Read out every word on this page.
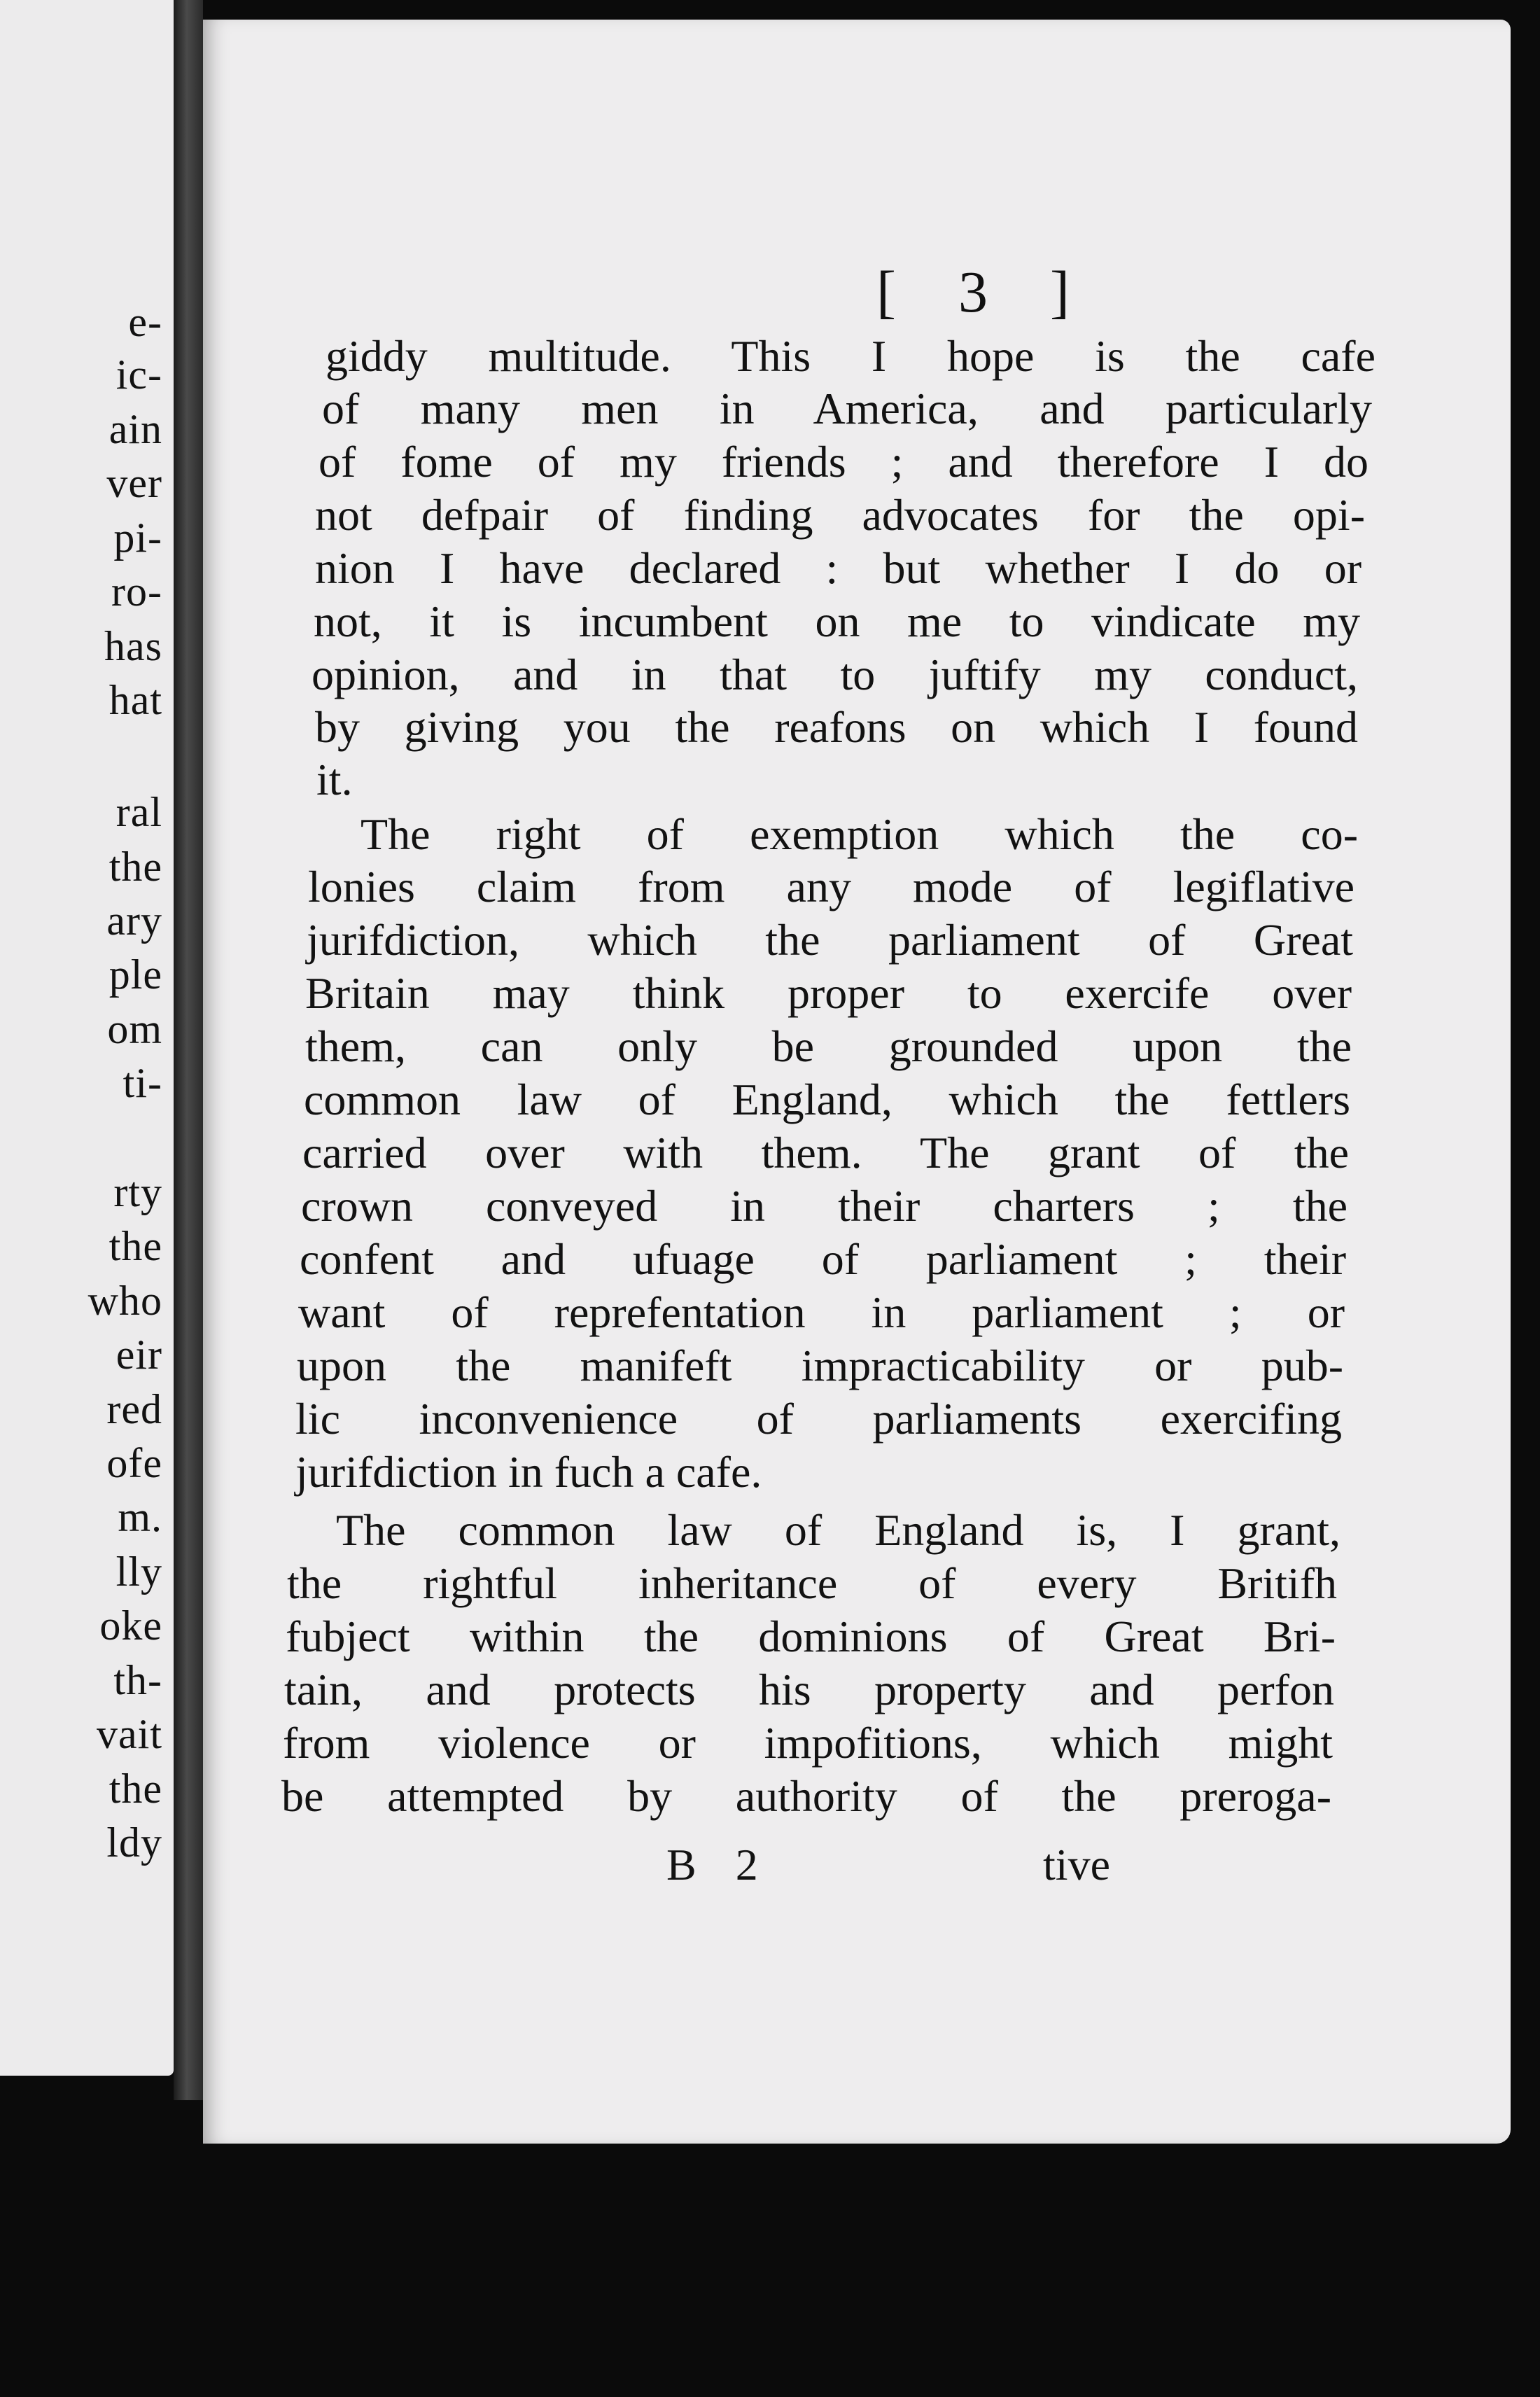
e-
ic-
ain
ver
pi-
ro-
has
hat
ral
the
ary
ple
om
ti-
rty
the
who
eir
red
ofe
m.
lly
oke
th-
vait
the
ldy
[ 3 ]
giddy multitude. This I hope is the cafe
of many men in America, and particularly
of fome of my friends ; and therefore I do
not defpair of finding advocates for the opi-
nion I have declared : but whether I do or
not, it is incumbent on me to vindicate my
opinion, and in that to juftify my conduct,
by giving you the reafons on which I found
it.
The right of exemption which the co-
lonies claim from any mode of legiflative
jurifdiction, which the parliament of Great
Britain may think proper to exercife over
them, can only be grounded upon the
common law of England, which the fettlers
carried over with them. The grant of the
crown conveyed in their charters ; the
confent and ufuage of parliament ; their
want of reprefentation in parliament ; or
upon the manifeft impracticability or pub-
lic inconvenience of parliaments exercifing
jurifdiction in fuch a cafe.
The common law of England is, I grant,
the rightful inheritance of every Britifh
fubject within the dominions of Great Bri-
tain, and protects his property and perfon
from violence or impofitions, which might
be attempted by authority of the preroga-
B 2	tive
